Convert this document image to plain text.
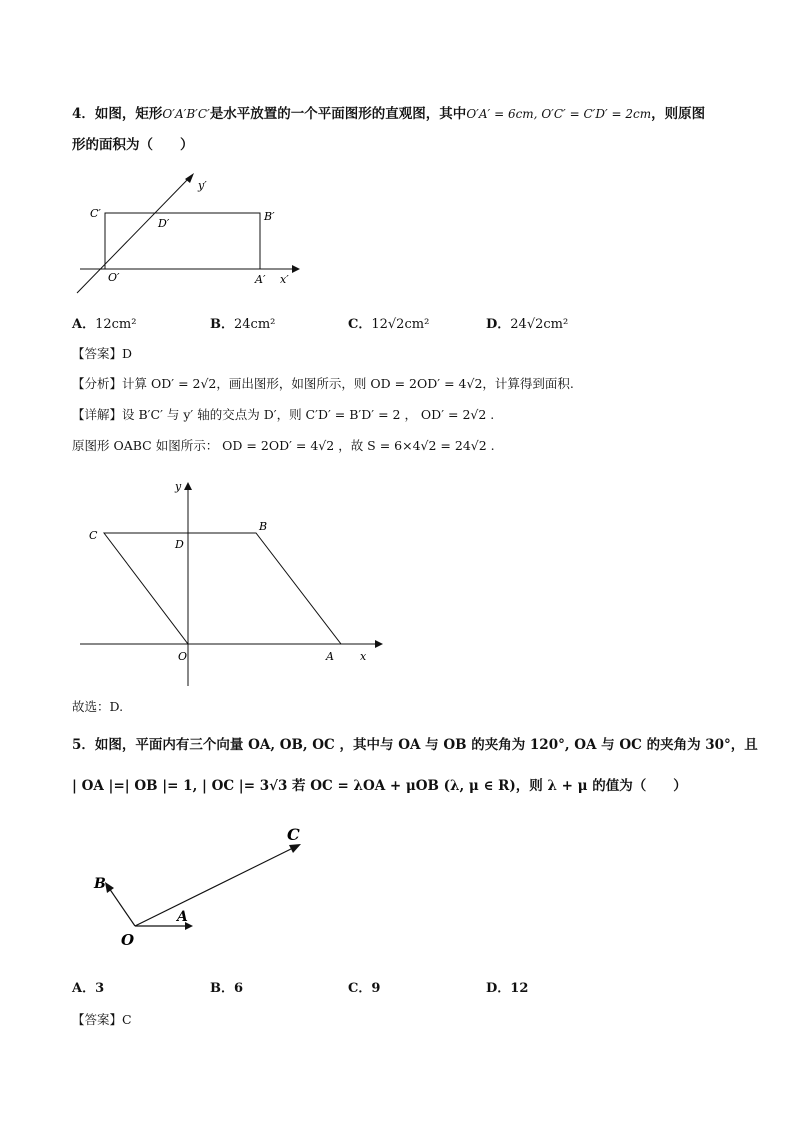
4．如图，矩形O′A′B′C′是水平放置的一个平面图形的直观图，其中O′A′ = 6cm, O′C′ = C′D′ = 2cm，则原图
形的面积为（　　）
y′
C′
D′
B′
O′	A′ x′
A．12cm²	B．24cm²	C．12√2cm²	D．24√2cm²
【答案】D
【分析】计算 OD′ = 2√2，画出图形，如图所示，则 OD = 2OD′ = 4√2，计算得到面积.
【详解】设 B′C′ 与 y′ 轴的交点为 D′，则 C′D′ = B′D′ = 2 ， OD′ = 2√2 .
原图形 OABC 如图所示： OD = 2OD′ = 4√2 ，故 S = 6×4√2 = 24√2 .
y
C
B
D
O	A x
故选：D.
5．如图，平面内有三个向量 OA, OB, OC ，其中与 OA 与 OB 的夹角为 120°, OA 与 OC 的夹角为 30°，且
| OA |=| OB |= 1, | OC |= 3√3 若 OC = λOA + μOB (λ, μ ∈ R)，则 λ + μ 的值为（　　）
C
B
A
O
A．3	B．6	C．9	D．12
【答案】C
